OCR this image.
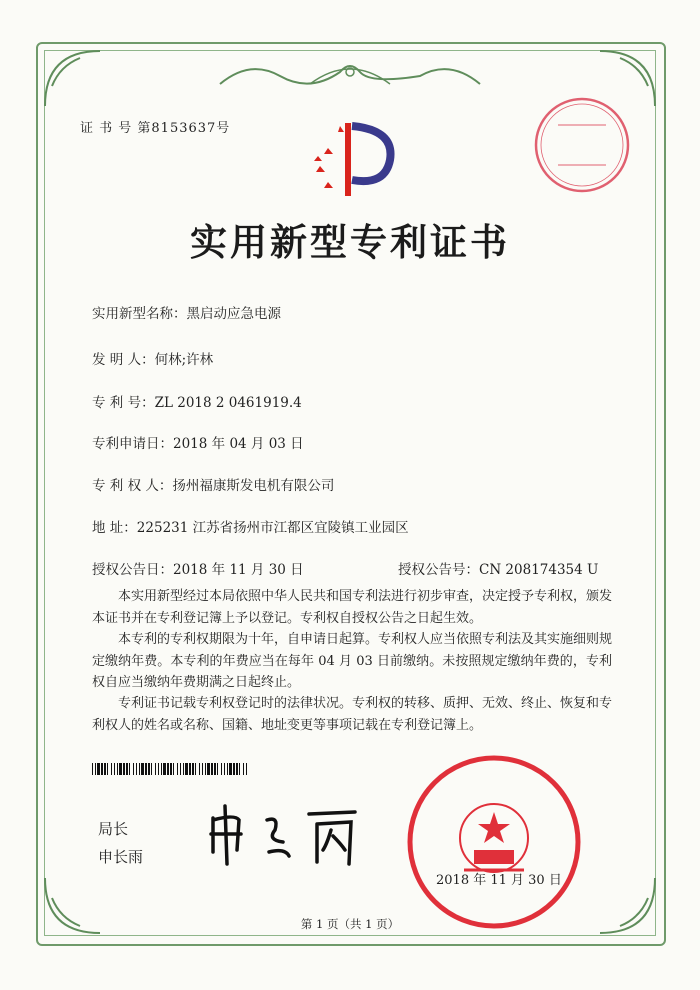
证 书 号 第8153637号
实用新型专利证书
实用新型名称：黑启动应急电源
发 明 人：何林;许林
专 利 号：ZL 2018 2 0461919.4
专利申请日：2018 年 04 月 03 日
专 利 权 人：扬州福康斯发电机有限公司
地 址：225231 江苏省扬州市江都区宜陵镇工业园区
授权公告日：2018 年 11 月 30 日	授权公告号：CN 208174354 U
本实用新型经过本局依照中华人民共和国专利法进行初步审查，决定授予专利权，颁发本证书并在专利登记簿上予以登记。专利权自授权公告之日起生效。
本专利的专利权期限为十年，自申请日起算。专利权人应当依照专利法及其实施细则规定缴纳年费。本专利的年费应当在每年 04 月 03 日前缴纳。未按照规定缴纳年费的，专利权自应当缴纳年费期满之日起终止。
专利证书记载专利权登记时的法律状况。专利权的转移、质押、无效、终止、恢复和专利权人的姓名或名称、国籍、地址变更等事项记载在专利登记簿上。
局长
申长雨
2018 年 11 月 30 日
第 1 页（共 1 页）
